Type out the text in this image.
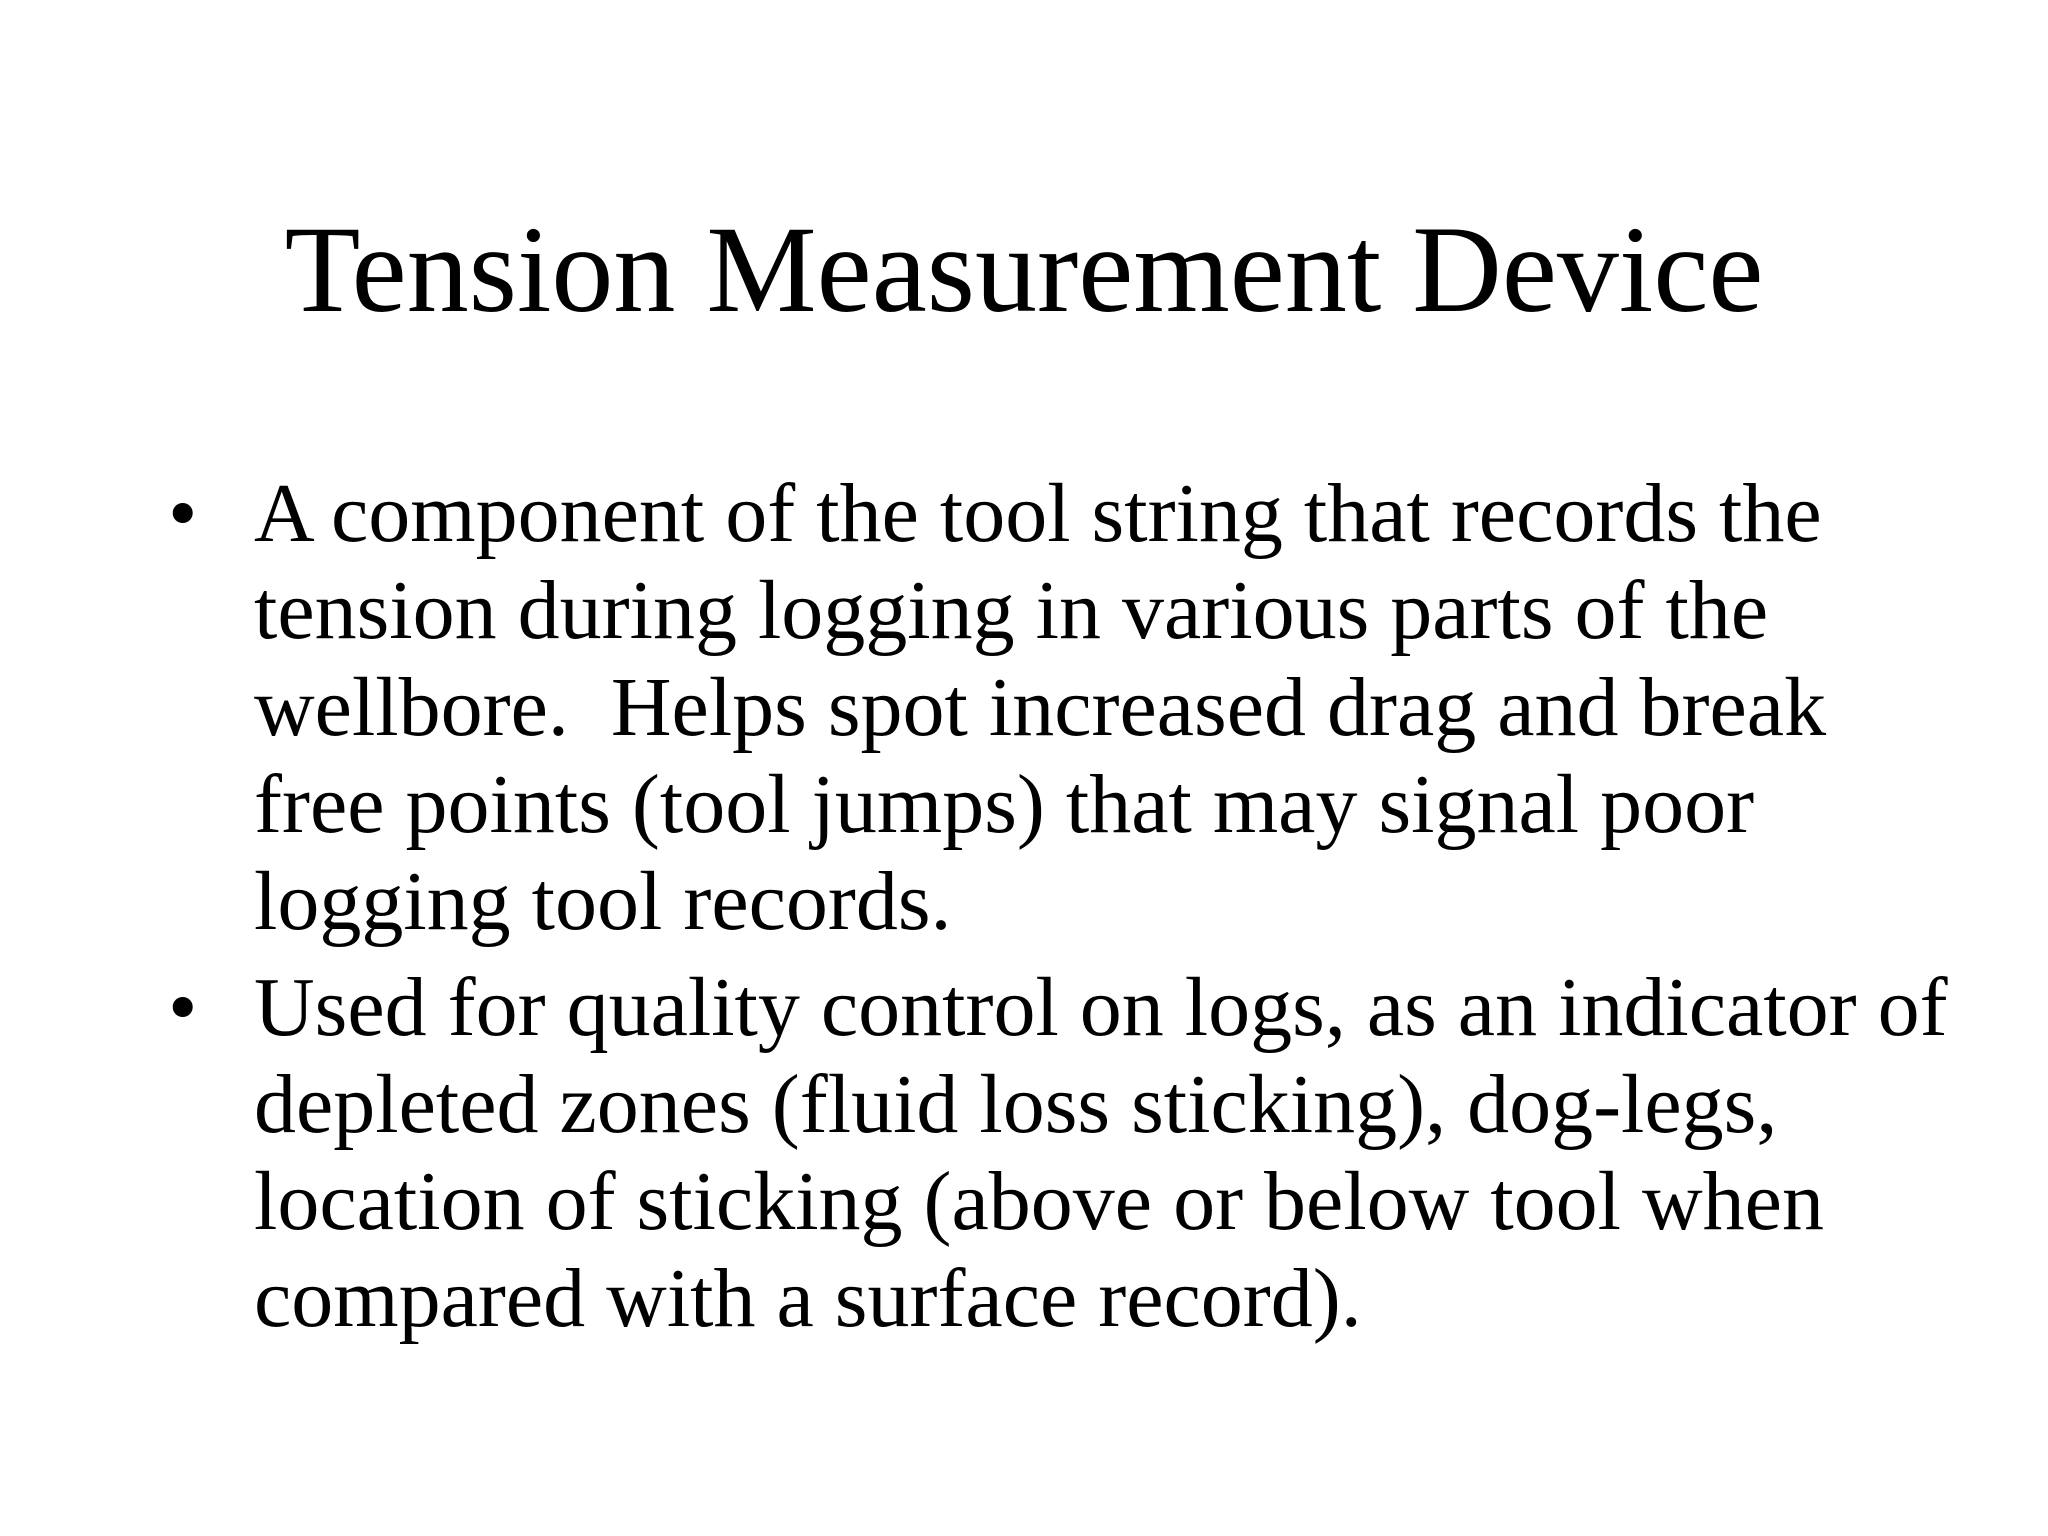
Tension Measurement Device
• A component of the tool string that records the
tension during logging in various parts of the
wellbore.  Helps spot increased drag and break
free points (tool jumps) that may signal poor
logging tool records.
• Used for quality control on logs, as an indicator of
depleted zones (fluid loss sticking), dog-legs,
location of sticking (above or below tool when
compared with a surface record).
